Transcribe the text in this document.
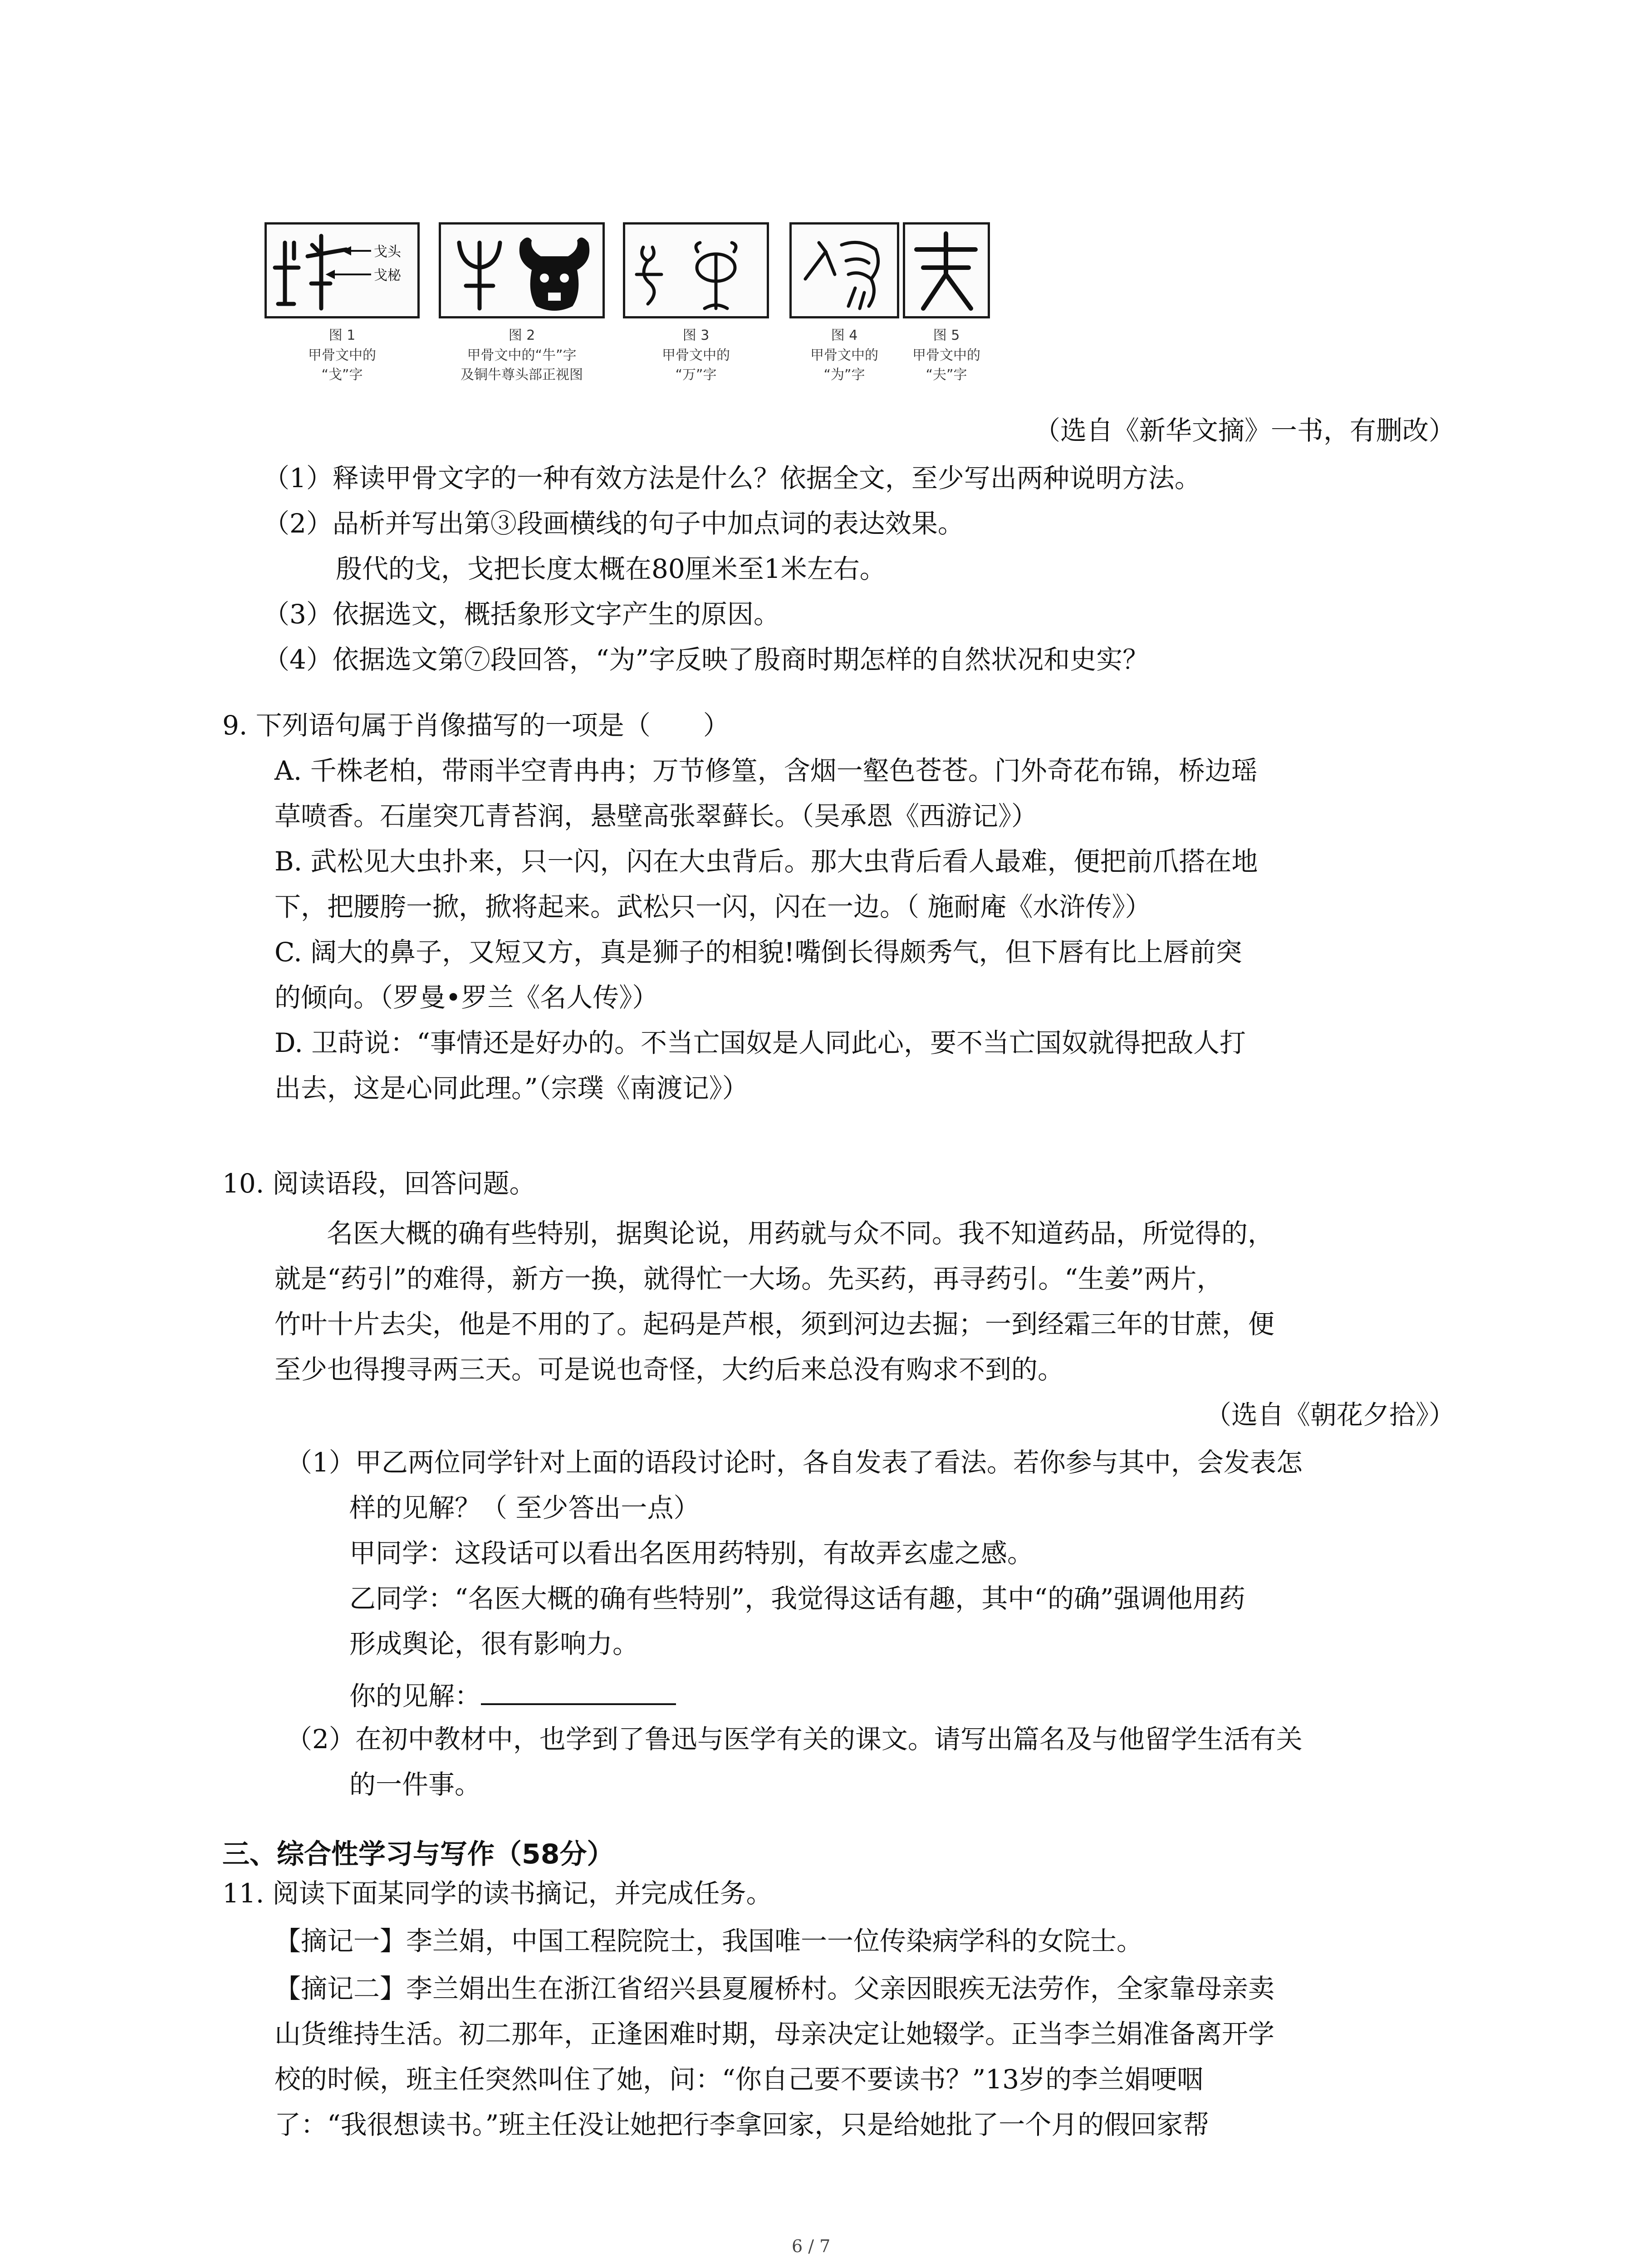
戈头
戈柲
图 1
甲骨文中的
“戈”字
图 2
甲骨文中的“牛”字
及铜牛尊头部正视图
图 3
甲骨文中的
“万”字
图 4
甲骨文中的
“为”字
图 5
甲骨文中的
“夫”字
（选自《新华文摘》一书，有删改）
（1）释读甲骨文字的一种有效方法是什么？依据全文，至少写出两种说明方法。
（2）品析并写出第③段画横线的句子中加点词的表达效果。
殷代的戈，戈把长度太概在80厘米至1米左右。
（3）依据选文，概括象形文字产生的原因。
（4）依据选文第⑦段回答，“为”字反映了殷商时期怎样的自然状况和史实？
9. 下列语句属于肖像描写的一项是（　　）
A. 千株老柏，带雨半空青冉冉；万节修篁，含烟一壑色苍苍。门外奇花布锦，桥边瑶
草喷香。石崖突兀青苔润，悬壁高张翠藓长。（吴承恩《西游记》）
B. 武松见大虫扑来，只一闪，闪在大虫背后。那大虫背后看人最难，便把前爪搭在地
下，把腰胯一掀，掀将起来。武松只一闪，闪在一边。（ 施耐庵《水浒传》）
C. 阔大的鼻子，又短又方，真是狮子的相貌!嘴倒长得颇秀气，但下唇有比上唇前突
的倾向。（罗曼•罗兰《名人传》）
D. 卫莳说：“事情还是好办的。不当亡国奴是人同此心，要不当亡国奴就得把敌人打
出去，这是心同此理。”（宗璞《南渡记》）
10. 阅读语段，回答问题。
名医大概的确有些特别，据舆论说，用药就与众不同。我不知道药品，所觉得的，
就是“药引”的难得，新方一换，就得忙一大场。先买药，再寻药引。“生姜”两片，
竹叶十片去尖，他是不用的了。起码是芦根，须到河边去掘；一到经霜三年的甘蔗，便
至少也得搜寻两三天。可是说也奇怪，大约后来总没有购求不到的。
（选自《朝花夕拾》）
（1）甲乙两位同学针对上面的语段讨论时，各自发表了看法。若你参与其中，会发表怎
样的见解？（ 至少答出一点）
甲同学：这段话可以看出名医用药特别，有故弄玄虚之感。
乙同学：“名医大概的确有些特别”，我觉得这话有趣，其中“的确”强调他用药
形成舆论，很有影响力。
你的见解：
（2）在初中教材中，也学到了鲁迅与医学有关的课文。请写出篇名及与他留学生活有关
的一件事。
三、综合性学习与写作（58分）
11. 阅读下面某同学的读书摘记，并完成任务。
【摘记一】李兰娟，中国工程院院士，我国唯一一位传染病学科的女院士。
【摘记二】李兰娟出生在浙江省绍兴县夏履桥村。父亲因眼疾无法劳作，全家靠母亲卖
山货维持生活。初二那年，正逢困难时期，母亲决定让她辍学。正当李兰娟准备离开学
校的时候，班主任突然叫住了她，问：“你自己要不要读书？”13岁的李兰娟哽咽
了：“我很想读书。”班主任没让她把行李拿回家，只是给她批了一个月的假回家帮
6 / 7
